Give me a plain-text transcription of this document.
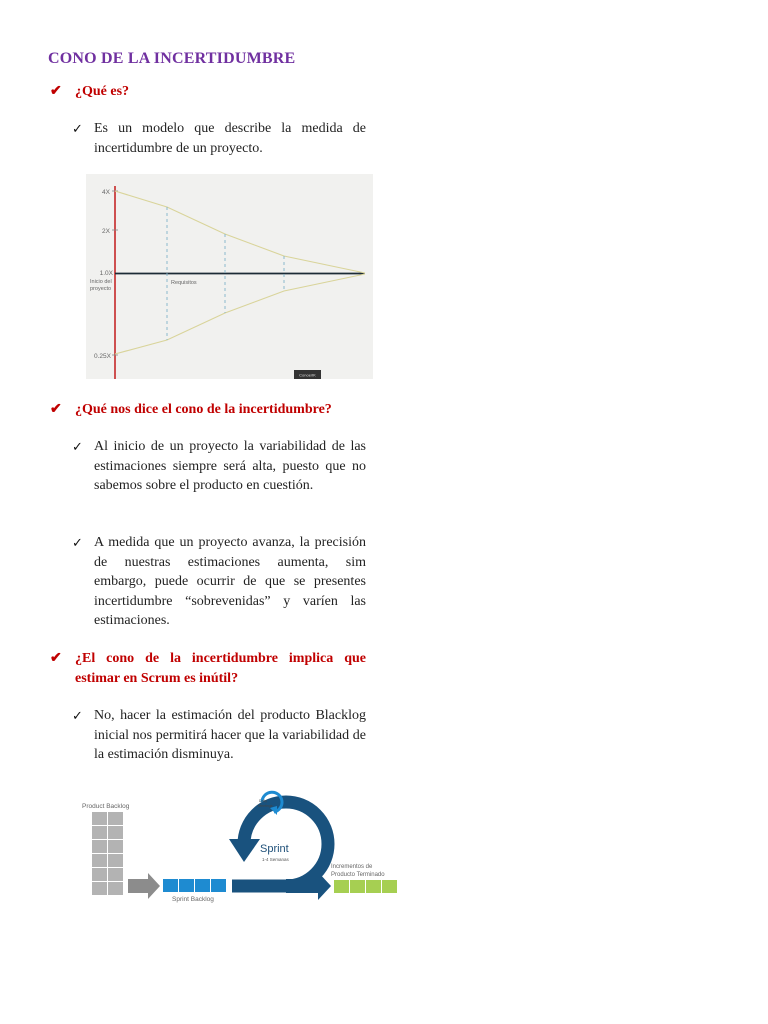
CONO DE LA INCERTIDUMBRE
✔ ¿Qué es?
✓ Es un modelo que describe la medida de incertidumbre de un proyecto.
4X
2X
1.0X
Inicio del
proyecto
0.25X
Requisitos
Conoe/IK
✔ ¿Qué nos dice el cono de la incertidumbre?
✓ Al inicio de un proyecto la variabilidad de las estimaciones siempre será alta, puesto que no sabemos sobre el producto en cuestión.
✓ A medida que un proyecto avanza, la precisión de nuestras estimaciones aumenta, sim embargo, puede ocurrir de que se presentes incertidumbre “sobrevenidas” y varíen las estimaciones.
✔ ¿El cono de la incertidumbre implica que
estimar en Scrum es inútil?
✓ No, hacer la estimación del producto Blacklog inicial nos permitirá hacer que la variabilidad de la estimación disminuya.
Product Backlog
Sprint Backlog
Sprint
1-4 Semanas
Daily
Meetings
Incrementos de
Producto Terminado
